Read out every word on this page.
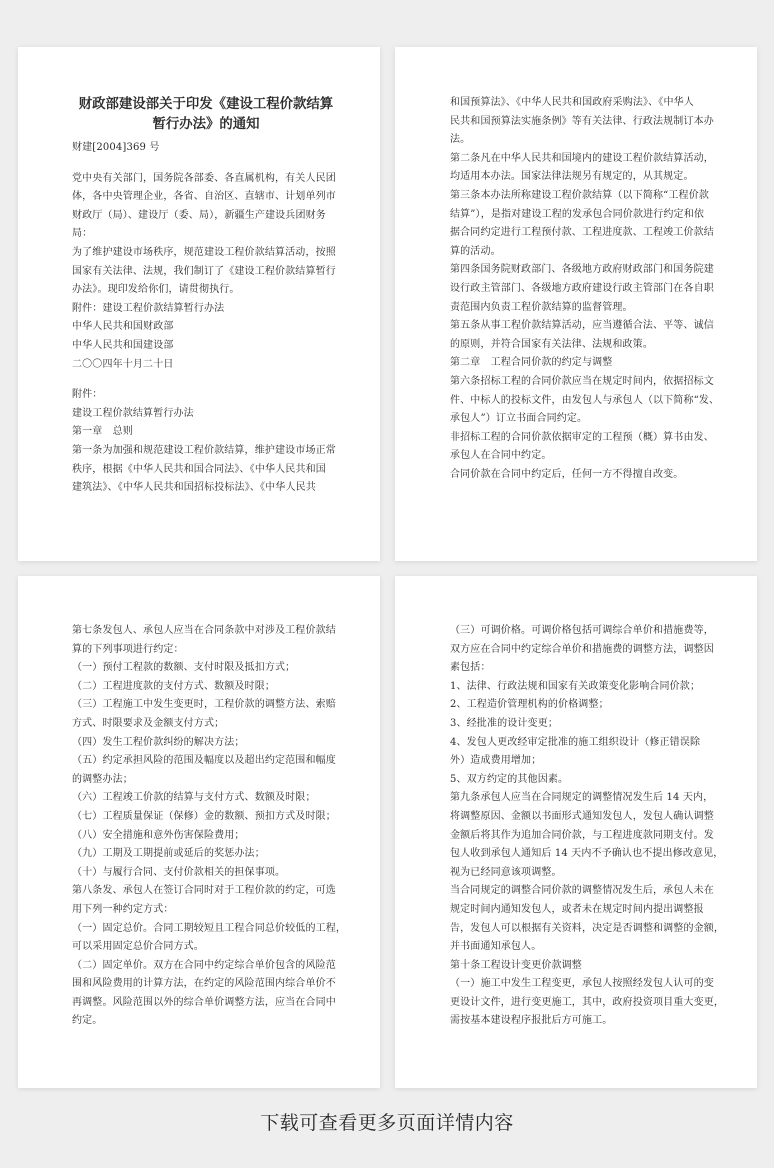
财政部建设部关于印发《建设工程价款结算
暂行办法》的通知
财建[2004]369 号
党中央有关部门，国务院各部委、各直属机构，有关人民团
体，各中央管理企业，各省、自治区、直辖市、计划单列市
财政厅（局）、建设厅（委、局），新疆生产建设兵团财务
局：
为了维护建设市场秩序，规范建设工程价款结算活动，按照
国家有关法律、法规，我们制订了《建设工程价款结算暂行
办法》。现印发给你们，请贯彻执行。
附件：建设工程价款结算暂行办法
中华人民共和国财政部
中华人民共和国建设部
二〇〇四年十月二十日
附件：
建设工程价款结算暂行办法
第一章　总则
第一条为加强和规范建设工程价款结算，维护建设市场正常
秩序，根据《中华人民共和国合同法》、《中华人民共和国
建筑法》、《中华人民共和国招标投标法》、《中华人民共
和国预算法》、《中华人民共和国政府采购法》、《中华人
民共和国预算法实施条例》等有关法律、行政法规制订本办
法。
第二条凡在中华人民共和国境内的建设工程价款结算活动，
均适用本办法。国家法律法规另有规定的，从其规定。
第三条本办法所称建设工程价款结算（以下简称“工程价款
结算”），是指对建设工程的发承包合同价款进行约定和依
据合同约定进行工程预付款、工程进度款、工程竣工价款结
算的活动。
第四条国务院财政部门、各级地方政府财政部门和国务院建
设行政主管部门、各级地方政府建设行政主管部门在各自职
责范围内负责工程价款结算的监督管理。
第五条从事工程价款结算活动，应当遵循合法、平等、诚信
的原则，并符合国家有关法律、法规和政策。
第二章　工程合同价款的约定与调整
第六条招标工程的合同价款应当在规定时间内，依据招标文
件、中标人的投标文件，由发包人与承包人（以下简称“发、
承包人”）订立书面合同约定。
非招标工程的合同价款依据审定的工程预（概）算书由发、
承包人在合同中约定。
合同价款在合同中约定后，任何一方不得擅自改变。
第七条发包人、承包人应当在合同条款中对涉及工程价款结
算的下列事项进行约定：
（一）预付工程款的数额、支付时限及抵扣方式；
（二）工程进度款的支付方式、数额及时限；
（三）工程施工中发生变更时，工程价款的调整方法、索赔
方式、时限要求及金额支付方式；
（四）发生工程价款纠纷的解决方法；
（五）约定承担风险的范围及幅度以及超出约定范围和幅度
的调整办法；
（六）工程竣工价款的结算与支付方式、数额及时限；
（七）工程质量保证（保修）金的数额、预扣方式及时限；
（八）安全措施和意外伤害保险费用；
（九）工期及工期提前或延后的奖惩办法；
（十）与履行合同、支付价款相关的担保事项。
第八条发、承包人在签订合同时对于工程价款的约定，可选
用下列一种约定方式：
（一）固定总价。合同工期较短且工程合同总价较低的工程，
可以采用固定总价合同方式。
（二）固定单价。双方在合同中约定综合单价包含的风险范
围和风险费用的计算方法，在约定的风险范围内综合单价不
再调整。风险范围以外的综合单价调整方法，应当在合同中
约定。
（三）可调价格。可调价格包括可调综合单价和措施费等，
双方应在合同中约定综合单价和措施费的调整方法，调整因
素包括：
1、法律、行政法规和国家有关政策变化影响合同价款；
2、工程造价管理机构的价格调整；
3、经批准的设计变更；
4、发包人更改经审定批准的施工组织设计（修正错误除
外）造成费用增加；
5、双方约定的其他因素。
第九条承包人应当在合同规定的调整情况发生后 14 天内，
将调整原因、金额以书面形式通知发包人，发包人确认调整
金额后将其作为追加合同价款，与工程进度款同期支付。发
包人收到承包人通知后 14 天内不予确认也不提出修改意见，
视为已经同意该项调整。
当合同规定的调整合同价款的调整情况发生后，承包人未在
规定时间内通知发包人，或者未在规定时间内提出调整报
告，发包人可以根据有关资料，决定是否调整和调整的金额，
并书面通知承包人。
第十条工程设计变更价款调整
（一）施工中发生工程变更，承包人按照经发包人认可的变
更设计文件，进行变更施工，其中，政府投资项目重大变更，
需按基本建设程序报批后方可施工。
下载可查看更多页面详情内容
